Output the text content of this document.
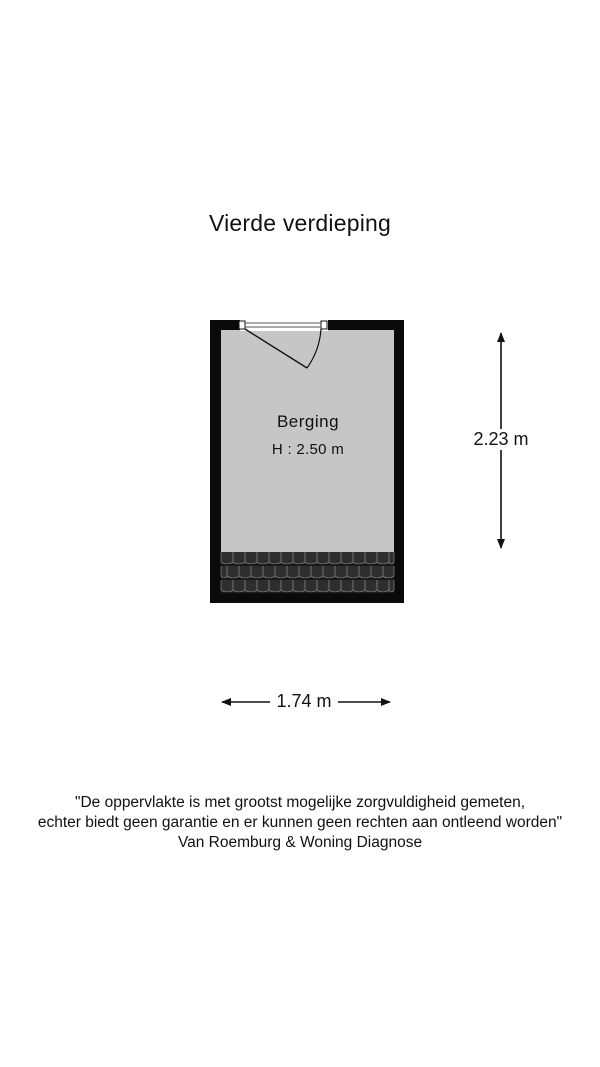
Vierde verdieping
Berging
H : 2.50 m
2.23 m
1.74 m
"De oppervlakte is met grootst mogelijke zorgvuldigheid gemeten,
echter biedt geen garantie en er kunnen geen rechten aan ontleend worden"
Van Roemburg & Woning Diagnose
